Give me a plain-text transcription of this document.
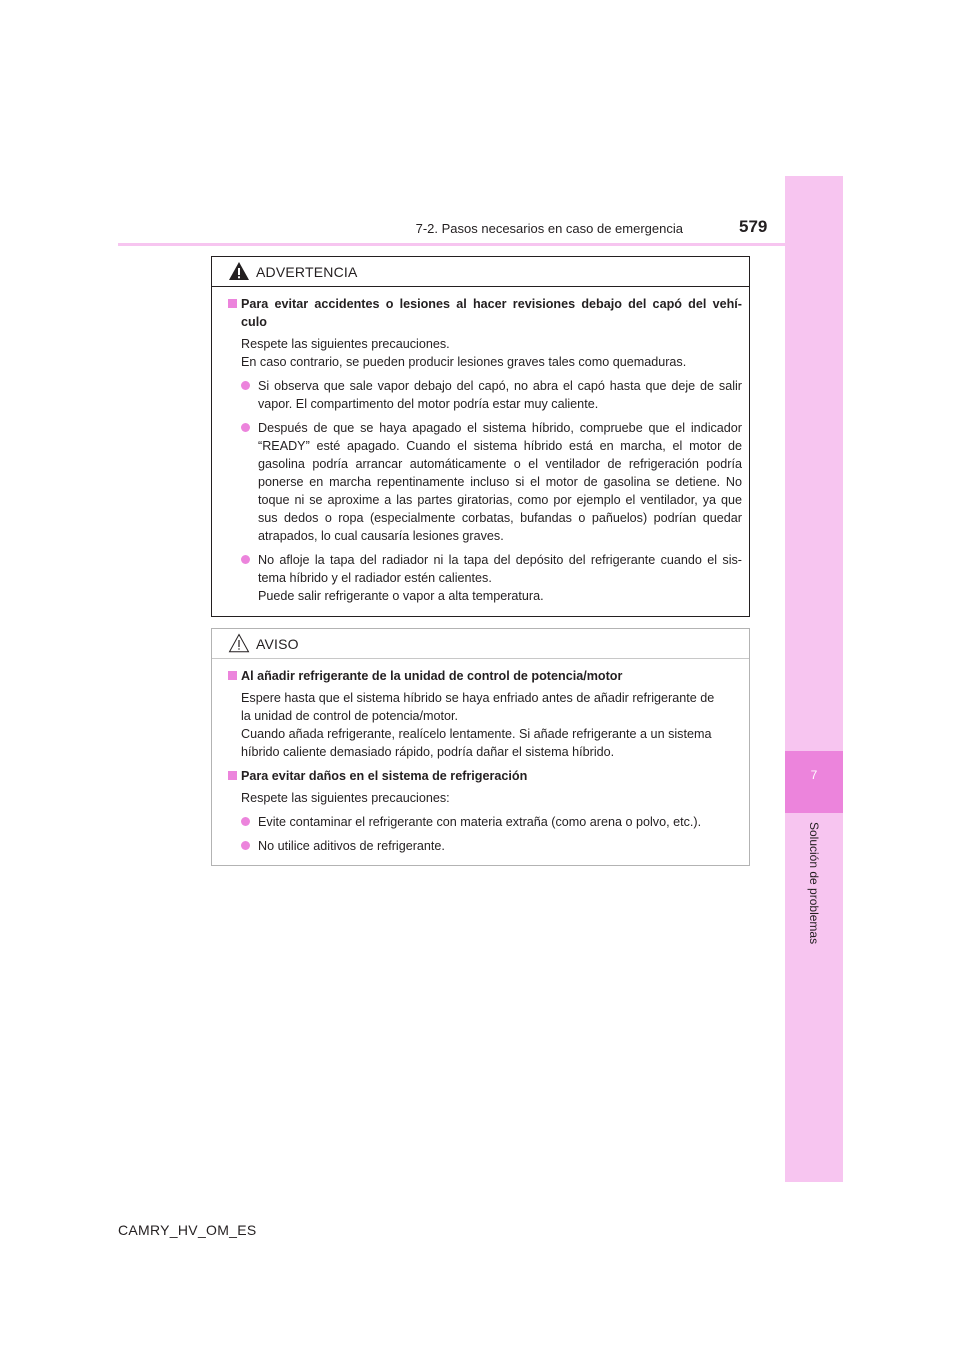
7
Solución de problemas
7-2. Pasos necesarios en caso de emergencia	579
ADVERTENCIA
Para evitar accidentes o lesiones al hacer revisiones debajo del capó del vehí-
culo
Respete las siguientes precauciones.
En caso contrario, se pueden producir lesiones graves tales como quemaduras.
Si observa que sale vapor debajo del capó, no abra el capó hasta que deje de salir
vapor. El compartimento del motor podría estar muy caliente.
Después de que se haya apagado el sistema híbrido, compruebe que el indicador
“READY” esté apagado. Cuando el sistema híbrido está en marcha, el motor de
gasolina podría arrancar automáticamente o el ventilador de refrigeración podría
ponerse en marcha repentinamente incluso si el motor de gasolina se detiene. No
toque ni se aproxime a las partes giratorias, como por ejemplo el ventilador, ya que
sus dedos o ropa (especialmente corbatas, bufandas o pañuelos) podrían quedar
atrapados, lo cual causaría lesiones graves.
No afloje la tapa del radiador ni la tapa del depósito del refrigerante cuando el sis-
tema híbrido y el radiador estén calientes.
Puede salir refrigerante o vapor a alta temperatura.
AVISO
Al añadir refrigerante de la unidad de control de potencia/motor
Espere hasta que el sistema híbrido se haya enfriado antes de añadir refrigerante de
la unidad de control de potencia/motor.
Cuando añada refrigerante, realícelo lentamente. Si añade refrigerante a un sistema
híbrido caliente demasiado rápido, podría dañar el sistema híbrido.
Para evitar daños en el sistema de refrigeración
Respete las siguientes precauciones:
Evite contaminar el refrigerante con materia extraña (como arena o polvo, etc.).
No utilice aditivos de refrigerante.
CAMRY_HV_OM_ES
